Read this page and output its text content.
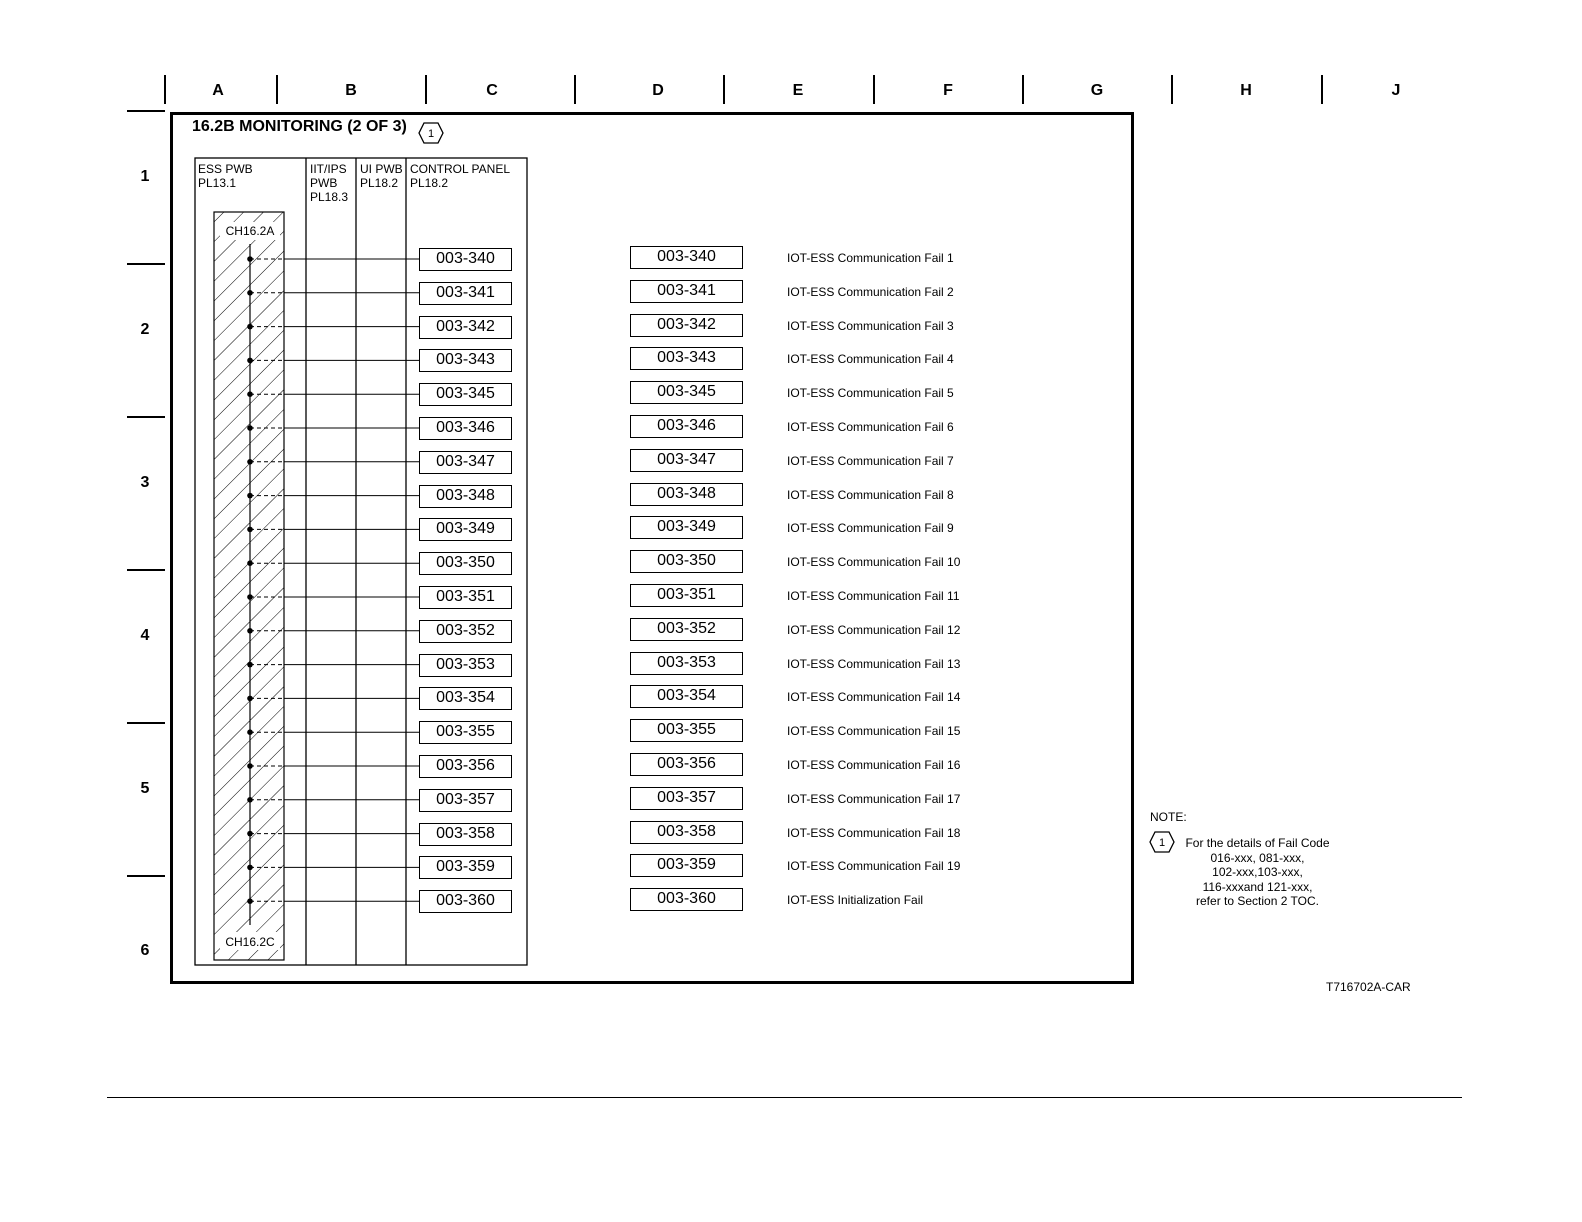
A	B	C	D	E	F	G	H	J
1
2
3
4
5
6
16.2B MONITORING (2 OF 3) 1
ESS PWB
PL13.1
IIT/IPS
PWB
PL18.3
UI PWB
PL18.2
CONTROL PANEL
PL18.2
CH16.2A
CH16.2C
003-340
003-341
003-342
003-343
003-345
003-346
003-347
003-348
003-349
003-350
003-351
003-352
003-353
003-354
003-355
003-356
003-357
003-358
003-359
003-360
003-340	IOT-ESS Communication Fail 1
003-341	IOT-ESS Communication Fail 2
003-342	IOT-ESS Communication Fail 3
003-343	IOT-ESS Communication Fail 4
003-345	IOT-ESS Communication Fail 5
003-346	IOT-ESS Communication Fail 6
003-347	IOT-ESS Communication Fail 7
003-348	IOT-ESS Communication Fail 8
003-349	IOT-ESS Communication Fail 9
003-350	IOT-ESS Communication Fail 10
003-351	IOT-ESS Communication Fail 11
003-352	IOT-ESS Communication Fail 12
003-353	IOT-ESS Communication Fail 13
003-354	IOT-ESS Communication Fail 14
003-355	IOT-ESS Communication Fail 15
003-356	IOT-ESS Communication Fail 16
003-357	IOT-ESS Communication Fail 17
003-358	IOT-ESS Communication Fail 18
003-359	IOT-ESS Communication Fail 19
003-360	IOT-ESS Initialization Fail
NOTE:
1	For the details of Fail Code
016-xxx, 081-xxx,
102-xxx,103-xxx,
116-xxxand 121-xxx,
refer to Section 2 TOC.
T716702A-CAR
